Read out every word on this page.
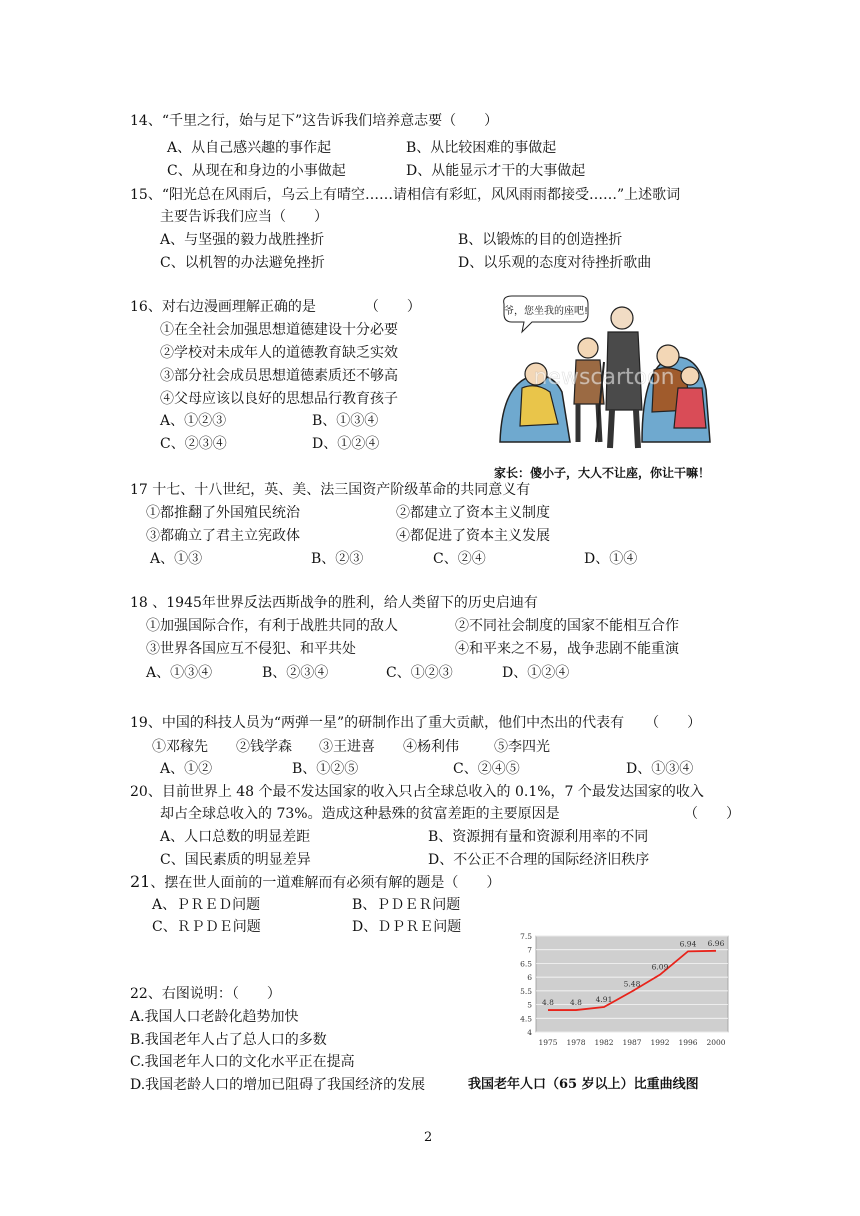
14、“千里之行，始与足下”这告诉我们培养意志要（　　）
A、从自己感兴趣的事作起	B、从比较困难的事做起
C、从现在和身边的小事做起	D、从能显示才干的大事做起
15、“阳光总在风雨后，乌云上有晴空……请相信有彩虹，风风雨雨都接受……”上述歌词
主要告诉我们应当（　　）
A、与坚强的毅力战胜挫折	B、以锻炼的目的创造挫折
C、以机智的办法避免挫折	D、以乐观的态度对待挫折歌曲
16、对右边漫画理解正确的是　　　　（　　）
①在全社会加强思想道德建设十分必要
②学校对未成年人的道德教育缺乏实效
③部分社会成员思想道德素质还不够高
④父母应该以良好的思想品行教育孩子
A、①②③	B、①③④
C、②③④	D、①②④
爷，您坐我的座吧!
newscartoon
家长：傻小子，大人不让座，你让干嘛！
17 十七、十八世纪，英、美、法三国资产阶级革命的共同意义有
①都推翻了外国殖民统治	②都建立了资本主义制度
③都确立了君主立宪政体	④都促进了资本主义发展
A、①③	B、②③	C、②④	D、①④
18 、1945年世界反法西斯战争的胜利，给人类留下的历史启迪有
①加强国际合作，有利于战胜共同的敌人	②不同社会制度的国家不能相互合作
③世界各国应互不侵犯、和平共处	④和平来之不易，战争悲剧不能重演
A、①③④	B、②③④	C、①②③	D、①②④
19、中国的科技人员为“两弹一星”的研制作出了重大贡献，他们中杰出的代表有　　（　　）
①邓稼先 ②钱学森 ③王进喜 ④杨利伟	⑤李四光
A、①②	B、①②⑤	C、②④⑤	D、①③④
20、目前世界上 48 个最不发达国家的收入只占全球总收入的 0.1%，7 个最发达国家的收入
却占全球总收入的 73%。造成这种悬殊的贫富差距的主要原因是	（　　）
A、人口总数的明显差距	B、资源拥有量和资源利用率的不同
C、国民素质的明显差异	D、不公正不合理的国际经济旧秩序
21、摆在世人面前的一道难解而有必须有解的题是（　　）
A、ＰＲＥＤ问题	B、ＰＤＥＲ问题
C、ＲＰＤＥ问题	D、ＤＰＲＥ问题
22、右图说明：（　　）
A.我国人口老龄化趋势加快
B.我国老年人占了总人口的多数
C.我国老年人口的文化水平正在提高
D.我国老龄人口的增加已阻碍了我国经济的发展
4
4.5
5
5.5
6
6.5
7
7.5
1975 1978 1982 1987 1992 1996 2000
4.8 4.8 4.91
5.48
6.09
6.94 6.96
我国老年人口（65 岁以上）比重曲线图
2
